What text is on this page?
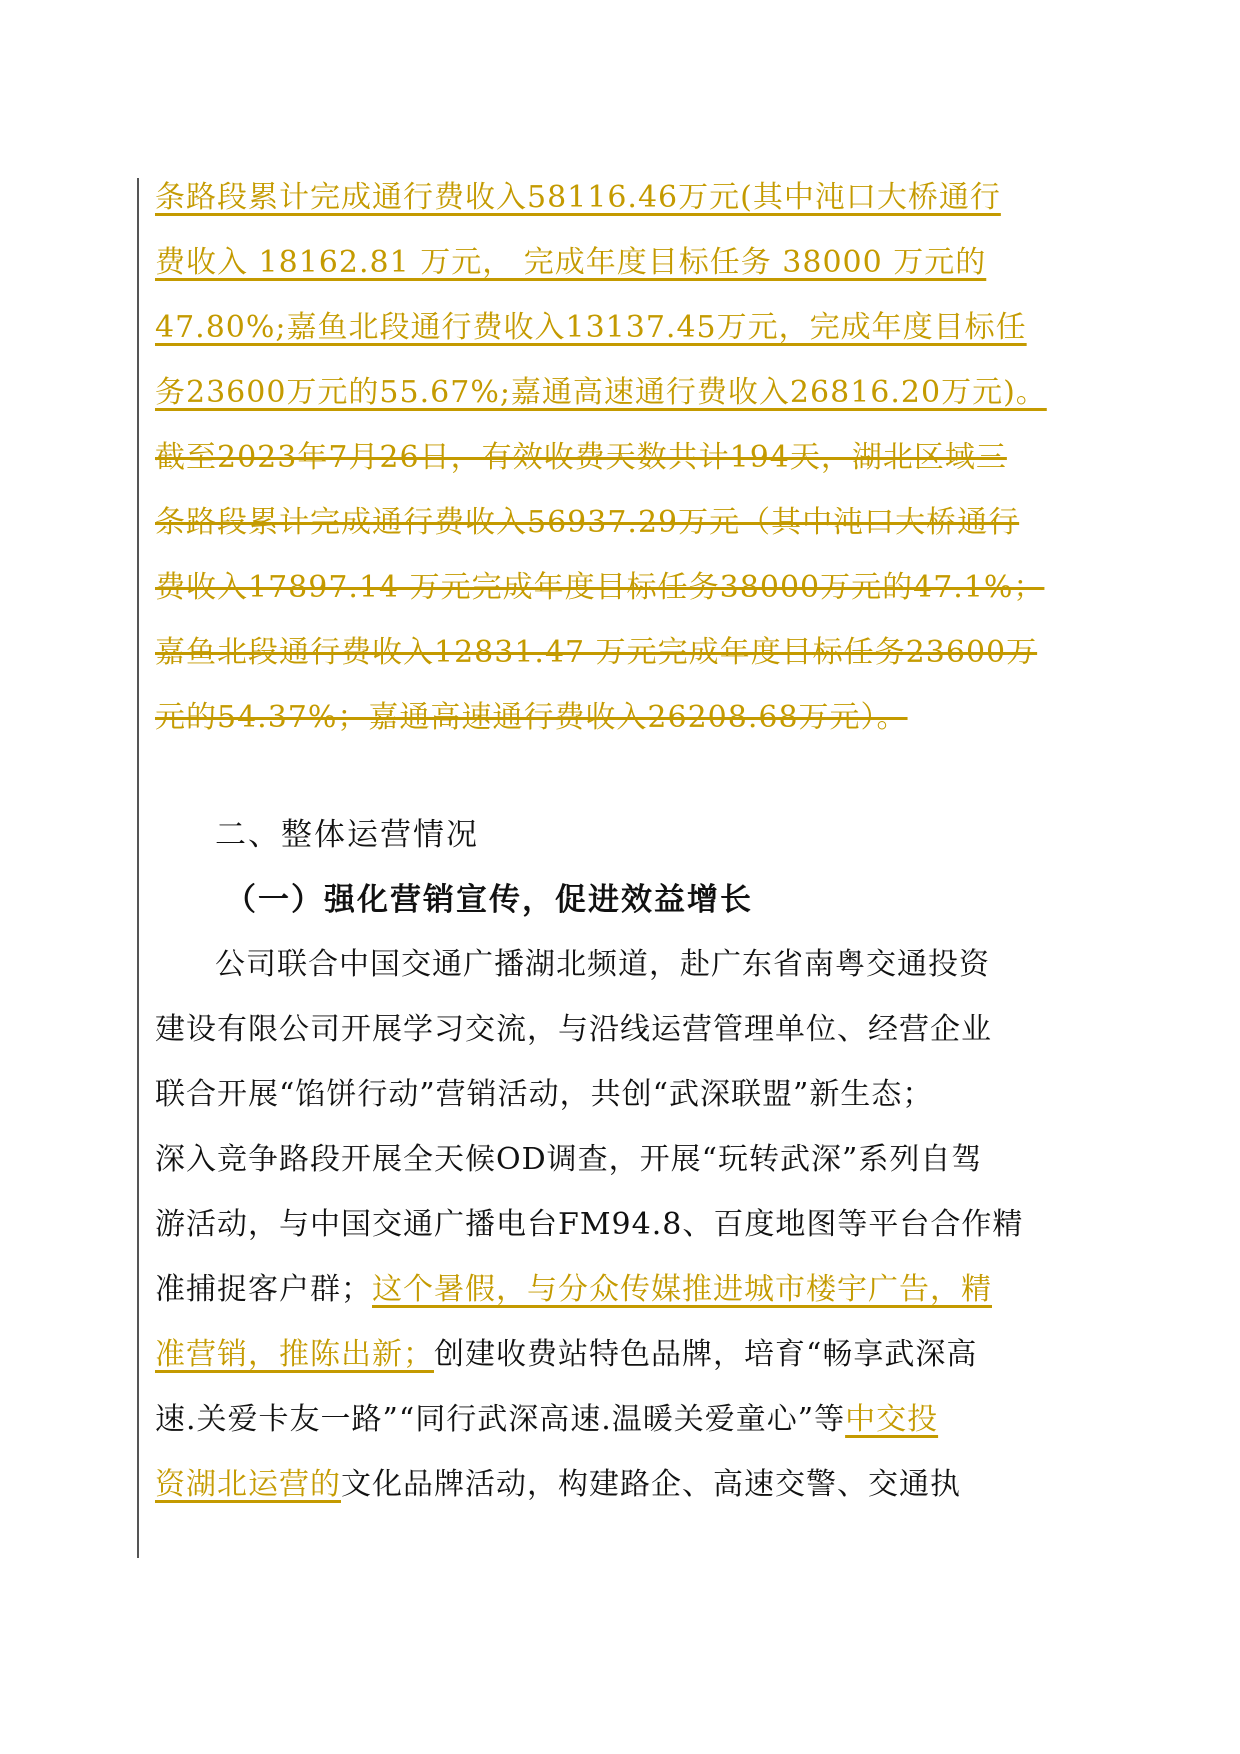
条路段累计完成通行费收入58116.46万元(其中沌口大桥通行
费收入 18162.81 万元， 完成年度目标任务 38000 万元的
47.80%;嘉鱼北段通行费收入13137.45万元，完成年度目标任
务23600万元的55.67%;嘉通高速通行费收入26816.20万元)。
截至2023年7月26日，有效收费天数共计194天，湖北区域三
条路段累计完成通行费收入56937.29万元（其中沌口大桥通行
费收入17897.14 万元完成年度目标任务38000万元的47.1%；
嘉鱼北段通行费收入12831.47 万元完成年度目标任务23600万
元的54.37%；嘉通高速通行费收入26208.68万元）。
二、整体运营情况
（一）强化营销宣传，促进效益增长
公司联合中国交通广播湖北频道，赴广东省南粤交通投资
建设有限公司开展学习交流，与沿线运营管理单位、经营企业
联合开展“馅饼行动”营销活动，共创“武深联盟”新生态；
深入竞争路段开展全天候OD调查，开展“玩转武深”系列自驾
游活动，与中国交通广播电台FM94.8、百度地图等平台合作精
准捕捉客户群；这个暑假，与分众传媒推进城市楼宇广告，精
准营销，推陈出新；创建收费站特色品牌，培育“畅享武深高
速.关爱卡友一路”“同行武深高速.温暖关爱童心”等中交投
资湖北运营的文化品牌活动，构建路企、高速交警、交通执
